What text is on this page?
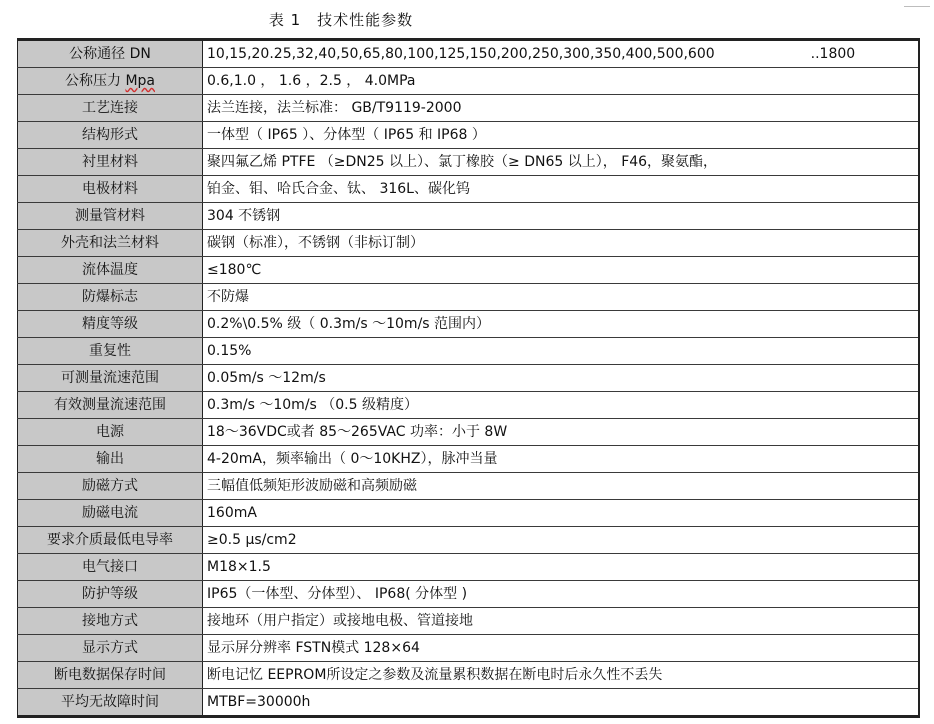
表 1　技术性能参数
公称通径 DN	10,15,20.25,32,40,50,65,80,100,125,150,200,250,300,350,400,500,600 ..1800
公称压力 Mpa	0.6,1.0 ， 1.6 ，2.5 ， 4.0MPa
工艺连接	法兰连接，法兰标准： GB/T9119-2000
结构形式	一体型（ IP65 ）、分体型（ IP65 和 IP68 ）
衬里材料	聚四氟乙烯 PTFE （≥DN25 以上）、氯丁橡胶（≥ DN65 以上）， F46，聚氨酯，
电极材料	铂金、钼、哈氏合金、钛、 316L、碳化钨
测量管材料	304 不锈钢
外壳和法兰材料	碳钢（标准），不锈钢（非标订制）
流体温度	≤180℃
防爆标志	不防爆
精度等级	0.2%\0.5% 级（ 0.3m/s ～10m/s 范围内）
重复性	0.15%
可测量流速范围	0.05m/s ～12m/s
有效测量流速范围	0.3m/s ～10m/s （0.5 级精度）
电源	18～36VDC或者 85～265VAC 功率：小于 8W
输出	4-20mA，频率输出（ 0～10KHZ），脉冲当量
励磁方式	三幅值低频矩形波励磁和高频励磁
励磁电流	160mA
要求介质最低电导率	≥0.5 μs/cm2
电气接口	M18×1.5
防护等级	IP65（一体型、分体型）、 IP68( 分体型 )
接地方式	接地环（用户指定）或接地电极、管道接地
显示方式	显示屏分辨率 FSTN模式 128×64
断电数据保存时间	断电记忆 EEPROM所设定之参数及流量累积数据在断电时后永久性不丢失
平均无故障时间	MTBF=30000h
